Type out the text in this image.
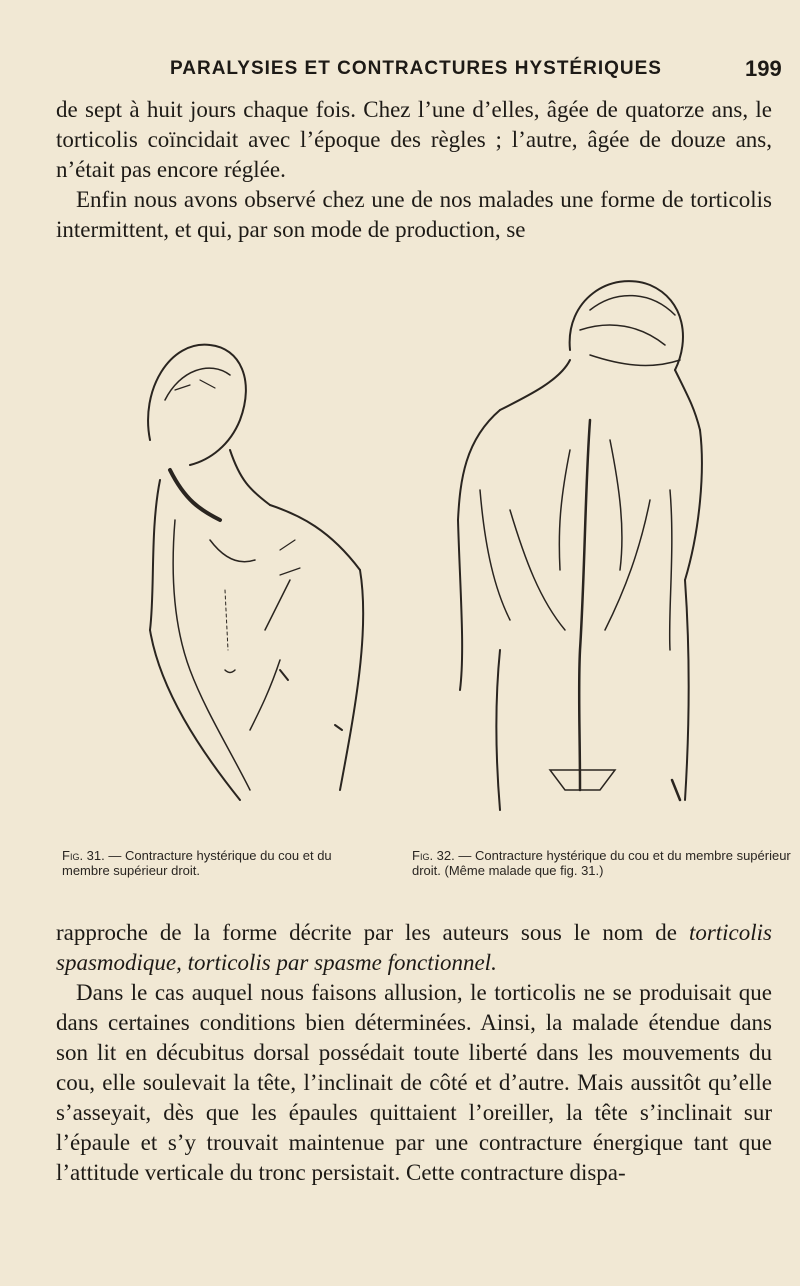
PARALYSIES ET CONTRACTURES HYSTÉRIQUES	199

de sept à huit jours chaque fois. Chez l’une d’elles, âgée de quatorze ans, le torticolis coïncidait avec l’époque des règles ; l’autre, âgée de douze ans, n’était pas encore réglée.

Enfin nous avons observé chez une de nos malades une forme de torticolis intermittent, et qui, par son mode de production, se

Fig. 31. — Contracture hystérique du cou et du membre supérieur droit.
Fig. 32. — Contracture hystérique du cou et du membre supérieur droit. (Même malade que fig. 31.)

rapproche de la forme décrite par les auteurs sous le nom de torticolis spasmodique, torticolis par spasme fonctionnel.

Dans le cas auquel nous faisons allusion, le torticolis ne se produisait que dans certaines conditions bien déterminées. Ainsi, la malade étendue dans son lit en décubitus dorsal possédait toute liberté dans les mouvements du cou, elle soulevait la tête, l’inclinait de côté et d’autre. Mais aussitôt qu’elle s’asseyait, dès que les épaules quittaient l’oreiller, la tête s’inclinait sur l’épaule et s’y trouvait maintenue par une contracture énergique tant que l’attitude verticale du tronc persistait. Cette contracture dispa-
